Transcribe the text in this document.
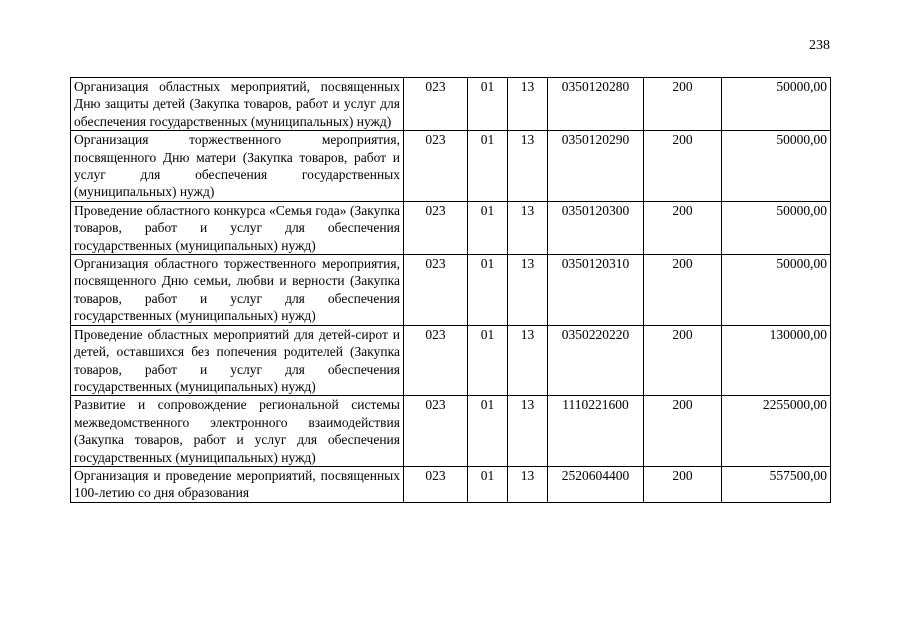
238
Организация областных мероприятий, посвященных Дню защиты детей (Закупка товаров, работ и услуг для обеспечения государственных (муниципальных) нужд)	023	01	13	0350120280	200	50000,00
Организация торжественного мероприятия, посвященного Дню матери (Закупка товаров, работ и услуг для обеспечения государственных (муниципальных) нужд)	023	01	13	0350120290	200	50000,00
Проведение областного конкурса «Семья года» (Закупка товаров, работ и услуг для обеспечения государственных (муниципальных) нужд)	023	01	13	0350120300	200	50000,00
Организация областного торжественного мероприятия, посвященного Дню семьи, любви и верности (Закупка товаров, работ и услуг для обеспечения государственных (муниципальных) нужд)	023	01	13	0350120310	200	50000,00
Проведение областных мероприятий для детей-сирот и детей, оставшихся без попечения родителей (Закупка товаров, работ и услуг для обеспечения государственных (муниципальных) нужд)	023	01	13	0350220220	200	130000,00
Развитие и сопровождение региональной системы межведомственного электронного взаимодействия (Закупка товаров, работ и услуг для обеспечения государственных (муниципальных) нужд)	023	01	13	1110221600	200	2255000,00
Организация и проведение мероприятий, посвященных 100-летию со дня образования	023	01	13	2520604400	200	557500,00
